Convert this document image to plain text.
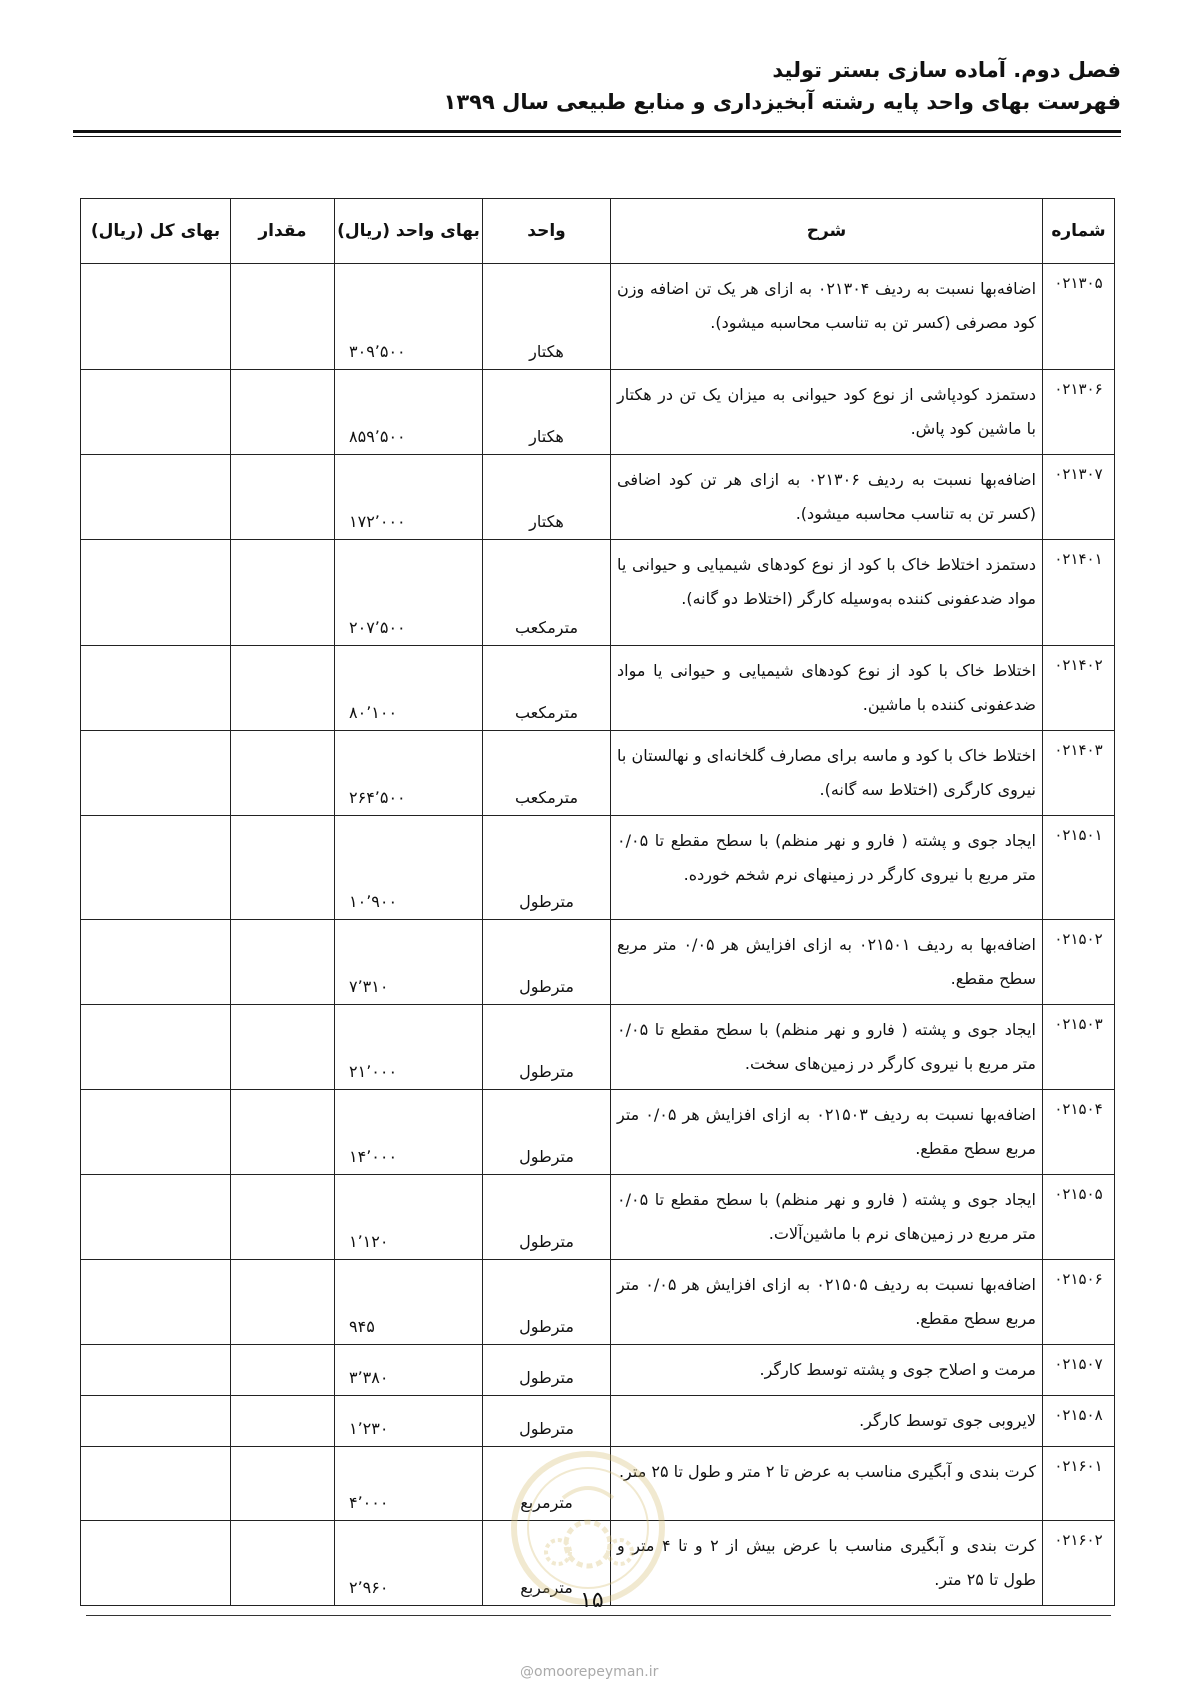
فصل دوم. آماده سازی بستر تولید
فهرست بهای واحد پایه رشته آبخیزداری و منابع طبیعی سال ۱۳۹۹
شماره	شرح	واحد	بهای واحد (ریال)	مقدار	بهای کل (ریال)
۰۲۱۳۰۵	اضافه‌بها نسبت به ردیف ۰۲۱۳۰۴ به ازای هر یک تن اضافه وزن کود مصرفی (کسر تن به تناسب محاسبه میشود).	هکتار	۳۰۹٬۵۰۰		
۰۲۱۳۰۶	دستمزد کودپاشی از نوع کود حیوانی به میزان یک تن در هکتار با ماشین کود پاش.	هکتار	۸۵۹٬۵۰۰		
۰۲۱۳۰۷	اضافه‌بها نسبت به ردیف ۰۲۱۳۰۶ به ازای هر تن کود اضافی (کسر تن به تناسب محاسبه میشود).	هکتار	۱۷۲٬۰۰۰		
۰۲۱۴۰۱	دستمزد اختلاط خاک با کود از نوع کودهای شیمیایی و حیوانی یا مواد ضدعفونی کننده به‌وسیله کارگر (اختلاط دو گانه).	مترمکعب	۲۰۷٬۵۰۰		
۰۲۱۴۰۲	اختلاط خاک با کود از نوع کودهای شیمیایی و حیوانی یا مواد ضدعفونی کننده با ماشین.	مترمکعب	۸۰٬۱۰۰		
۰۲۱۴۰۳	اختلاط خاک با کود و ماسه برای مصارف گلخانه‌ای و نهالستان با نیروی کارگری (اختلاط سه گانه).	مترمکعب	۲۶۴٬۵۰۰		
۰۲۱۵۰۱	ایجاد جوی و پشته ( فارو و نهر منظم) با سطح مقطع تا ۰/۰۵ متر مربع با نیروی کارگر در زمینهای نرم شخم خورده.	مترطول	۱۰٬۹۰۰		
۰۲۱۵۰۲	اضافه‌بها به ردیف ۰۲۱۵۰۱ به ازای افزایش هر ۰/۰۵ متر مربع سطح مقطع.	مترطول	۷٬۳۱۰		
۰۲۱۵۰۳	ایجاد جوی و پشته ( فارو و نهر منظم) با سطح مقطع تا ۰/۰۵ متر مربع با نیروی کارگر در زمین‌های سخت.	مترطول	۲۱٬۰۰۰		
۰۲۱۵۰۴	اضافه‌بها نسبت به ردیف ۰۲۱۵۰۳ به ازای افزایش هر ۰/۰۵ متر مربع سطح مقطع.	مترطول	۱۴٬۰۰۰		
۰۲۱۵۰۵	ایجاد جوی و پشته ( فارو و نهر منظم) با سطح مقطع تا ۰/۰۵ متر مربع در زمین‌های نرم با ماشین‌آلات.	مترطول	۱٬۱۲۰		
۰۲۱۵۰۶	اضافه‌بها نسبت به ردیف ۰۲۱۵۰۵ به ازای افزایش هر ۰/۰۵ متر مربع سطح مقطع.	مترطول	۹۴۵		
۰۲۱۵۰۷	مرمت و اصلاح جوی و پشته توسط کارگر.	مترطول	۳٬۳۸۰		
۰۲۱۵۰۸	لایروبی جوی توسط کارگر.	مترطول	۱٬۲۳۰		
۰۲۱۶۰۱	کرت بندی و آبگیری مناسب به عرض تا ۲ متر و طول تا ۲۵ متر.	مترمربع	۴٬۰۰۰		
۰۲۱۶۰۲	کرت بندی و آبگیری مناسب با عرض بیش از ۲ و تا ۴ متر و طول تا ۲۵ متر.	مترمربع	۲٬۹۶۰		
۱۵
@omoorepeyman.ir
